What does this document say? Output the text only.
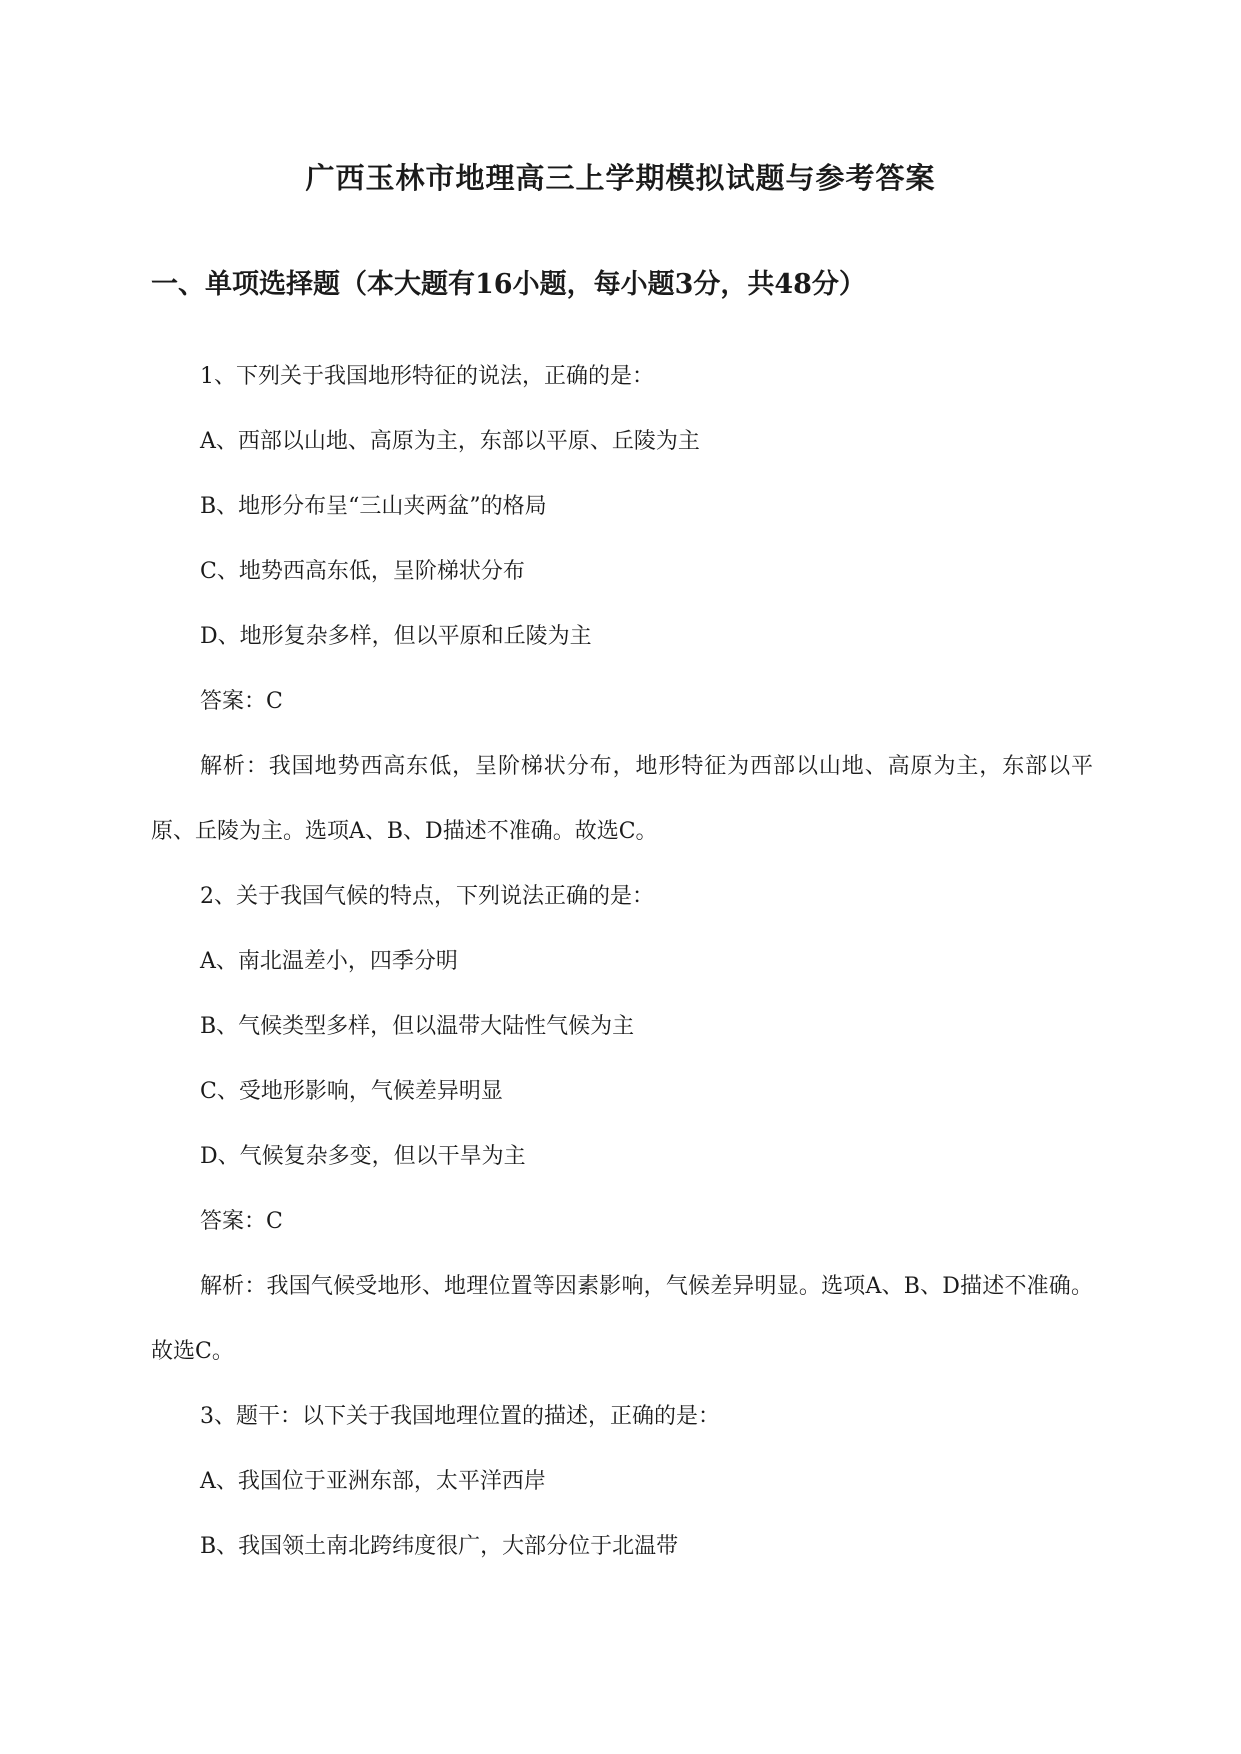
广西玉林市地理高三上学期模拟试题与参考答案
一、单项选择题（本大题有16小题，每小题3分，共48分）

1、下列关于我国地形特征的说法，正确的是：

A、西部以山地、高原为主，东部以平原、丘陵为主

B、地形分布呈“三山夹两盆”的格局

C、地势西高东低，呈阶梯状分布

D、地形复杂多样，但以平原和丘陵为主

答案：C

解析：我国地势西高东低，呈阶梯状分布，地形特征为西部以山地、高原为主，东部以平原、丘陵为主。选项A、B、D描述不准确。故选C。

2、关于我国气候的特点，下列说法正确的是：

A、南北温差小，四季分明

B、气候类型多样，但以温带大陆性气候为主

C、受地形影响，气候差异明显

D、气候复杂多变，但以干旱为主

答案：C

解析：我国气候受地形、地理位置等因素影响，气候差异明显。选项A、B、D描述不准确。故选C。

3、题干：以下关于我国地理位置的描述，正确的是：

A、我国位于亚洲东部，太平洋西岸

B、我国领土南北跨纬度很广，大部分位于北温带
